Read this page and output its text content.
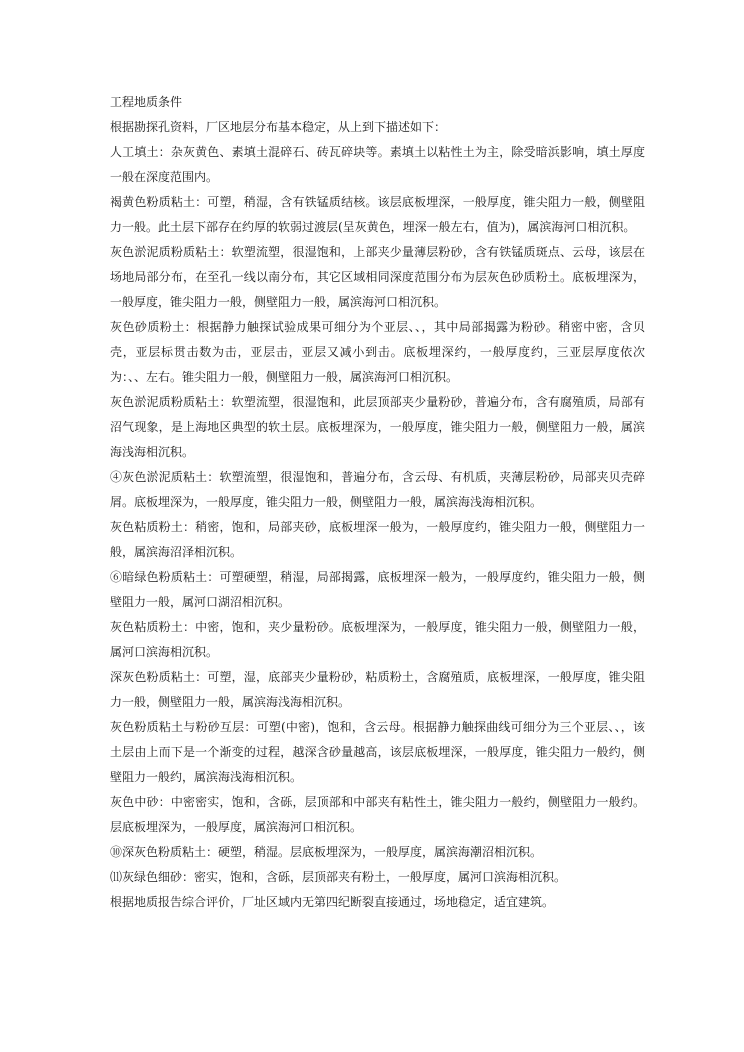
工程地质条件

根据勘探孔资料，厂区地层分布基本稳定，从上到下描述如下：

人工填土：杂灰黄色、素填土混碎石、砖瓦碎块等。素填土以粘性土为主，除受暗浜影响，填土厚度一般在深度范围内。

褐黄色粉质粘土：可塑，稍湿，含有铁锰质结核。该层底板埋深，一般厚度，锥尖阻力一般，侧壁阻力一般。此土层下部存在约厚的软弱过渡层(呈灰黄色，埋深一般左右，值为)，属滨海河口相沉积。

灰色淤泥质粉质粘土：软塑流塑，很湿饱和，上部夹少量薄层粉砂，含有铁锰质斑点、云母，该层在场地局部分布，在至孔一线以南分布，其它区域相同深度范围分布为层灰色砂质粉土。底板埋深为，一般厚度，锥尖阻力一般，侧壁阻力一般，属滨海河口相沉积。

灰色砂质粉土：根据静力触探试验成果可细分为个亚层、、，其中局部揭露为粉砂。稍密中密，含贝壳，亚层标贯击数为击，亚层击，亚层又减小到击。底板埋深约，一般厚度约，三亚层厚度依次为：、、左右。锥尖阻力一般，侧壁阻力一般，属滨海河口相沉积。

灰色淤泥质粉质粘土：软塑流塑，很湿饱和，此层顶部夹少量粉砂，普遍分布，含有腐殖质，局部有沼气现象，是上海地区典型的软土层。底板埋深为，一般厚度，锥尖阻力一般，侧壁阻力一般，属滨海浅海相沉积。

④灰色淤泥质粘土：软塑流塑，很湿饱和，普遍分布，含云母、有机质，夹薄层粉砂，局部夹贝壳碎屑。底板埋深为，一般厚度，锥尖阻力一般，侧壁阻力一般，属滨海浅海相沉积。

灰色粘质粉土：稍密，饱和，局部夹砂，底板埋深一般为，一般厚度约，锥尖阻力一般，侧壁阻力一般，属滨海沼泽相沉积。

⑥暗绿色粉质粘土：可塑硬塑，稍湿，局部揭露，底板埋深一般为，一般厚度约，锥尖阻力一般，侧壁阻力一般，属河口湖沼相沉积。

灰色粘质粉土：中密，饱和，夹少量粉砂。底板埋深为，一般厚度，锥尖阻力一般，侧壁阻力一般，属河口滨海相沉积。

深灰色粉质粘土：可塑，湿，底部夹少量粉砂，粘质粉土，含腐殖质，底板埋深，一般厚度，锥尖阻力一般，侧壁阻力一般，属滨海浅海相沉积。

灰色粉质粘土与粉砂互层：可塑(中密)，饱和，含云母。根据静力触探曲线可细分为三个亚层、、，该土层由上而下是一个渐变的过程，越深含砂量越高，该层底板埋深，一般厚度，锥尖阻力一般约，侧壁阻力一般约，属滨海浅海相沉积。

灰色中砂：中密密实，饱和，含砾，层顶部和中部夹有粘性土，锥尖阻力一般约，侧壁阻力一般约。层底板埋深为，一般厚度，属滨海河口相沉积。

⑩深灰色粉质粘土：硬塑，稍湿。层底板埋深为，一般厚度，属滨海潮沼相沉积。

⑾灰绿色细砂：密实，饱和，含砾，层顶部夹有粉土，一般厚度，属河口滨海相沉积。

根据地质报告综合评价，厂址区域内无第四纪断裂直接通过，场地稳定，适宜建筑。
